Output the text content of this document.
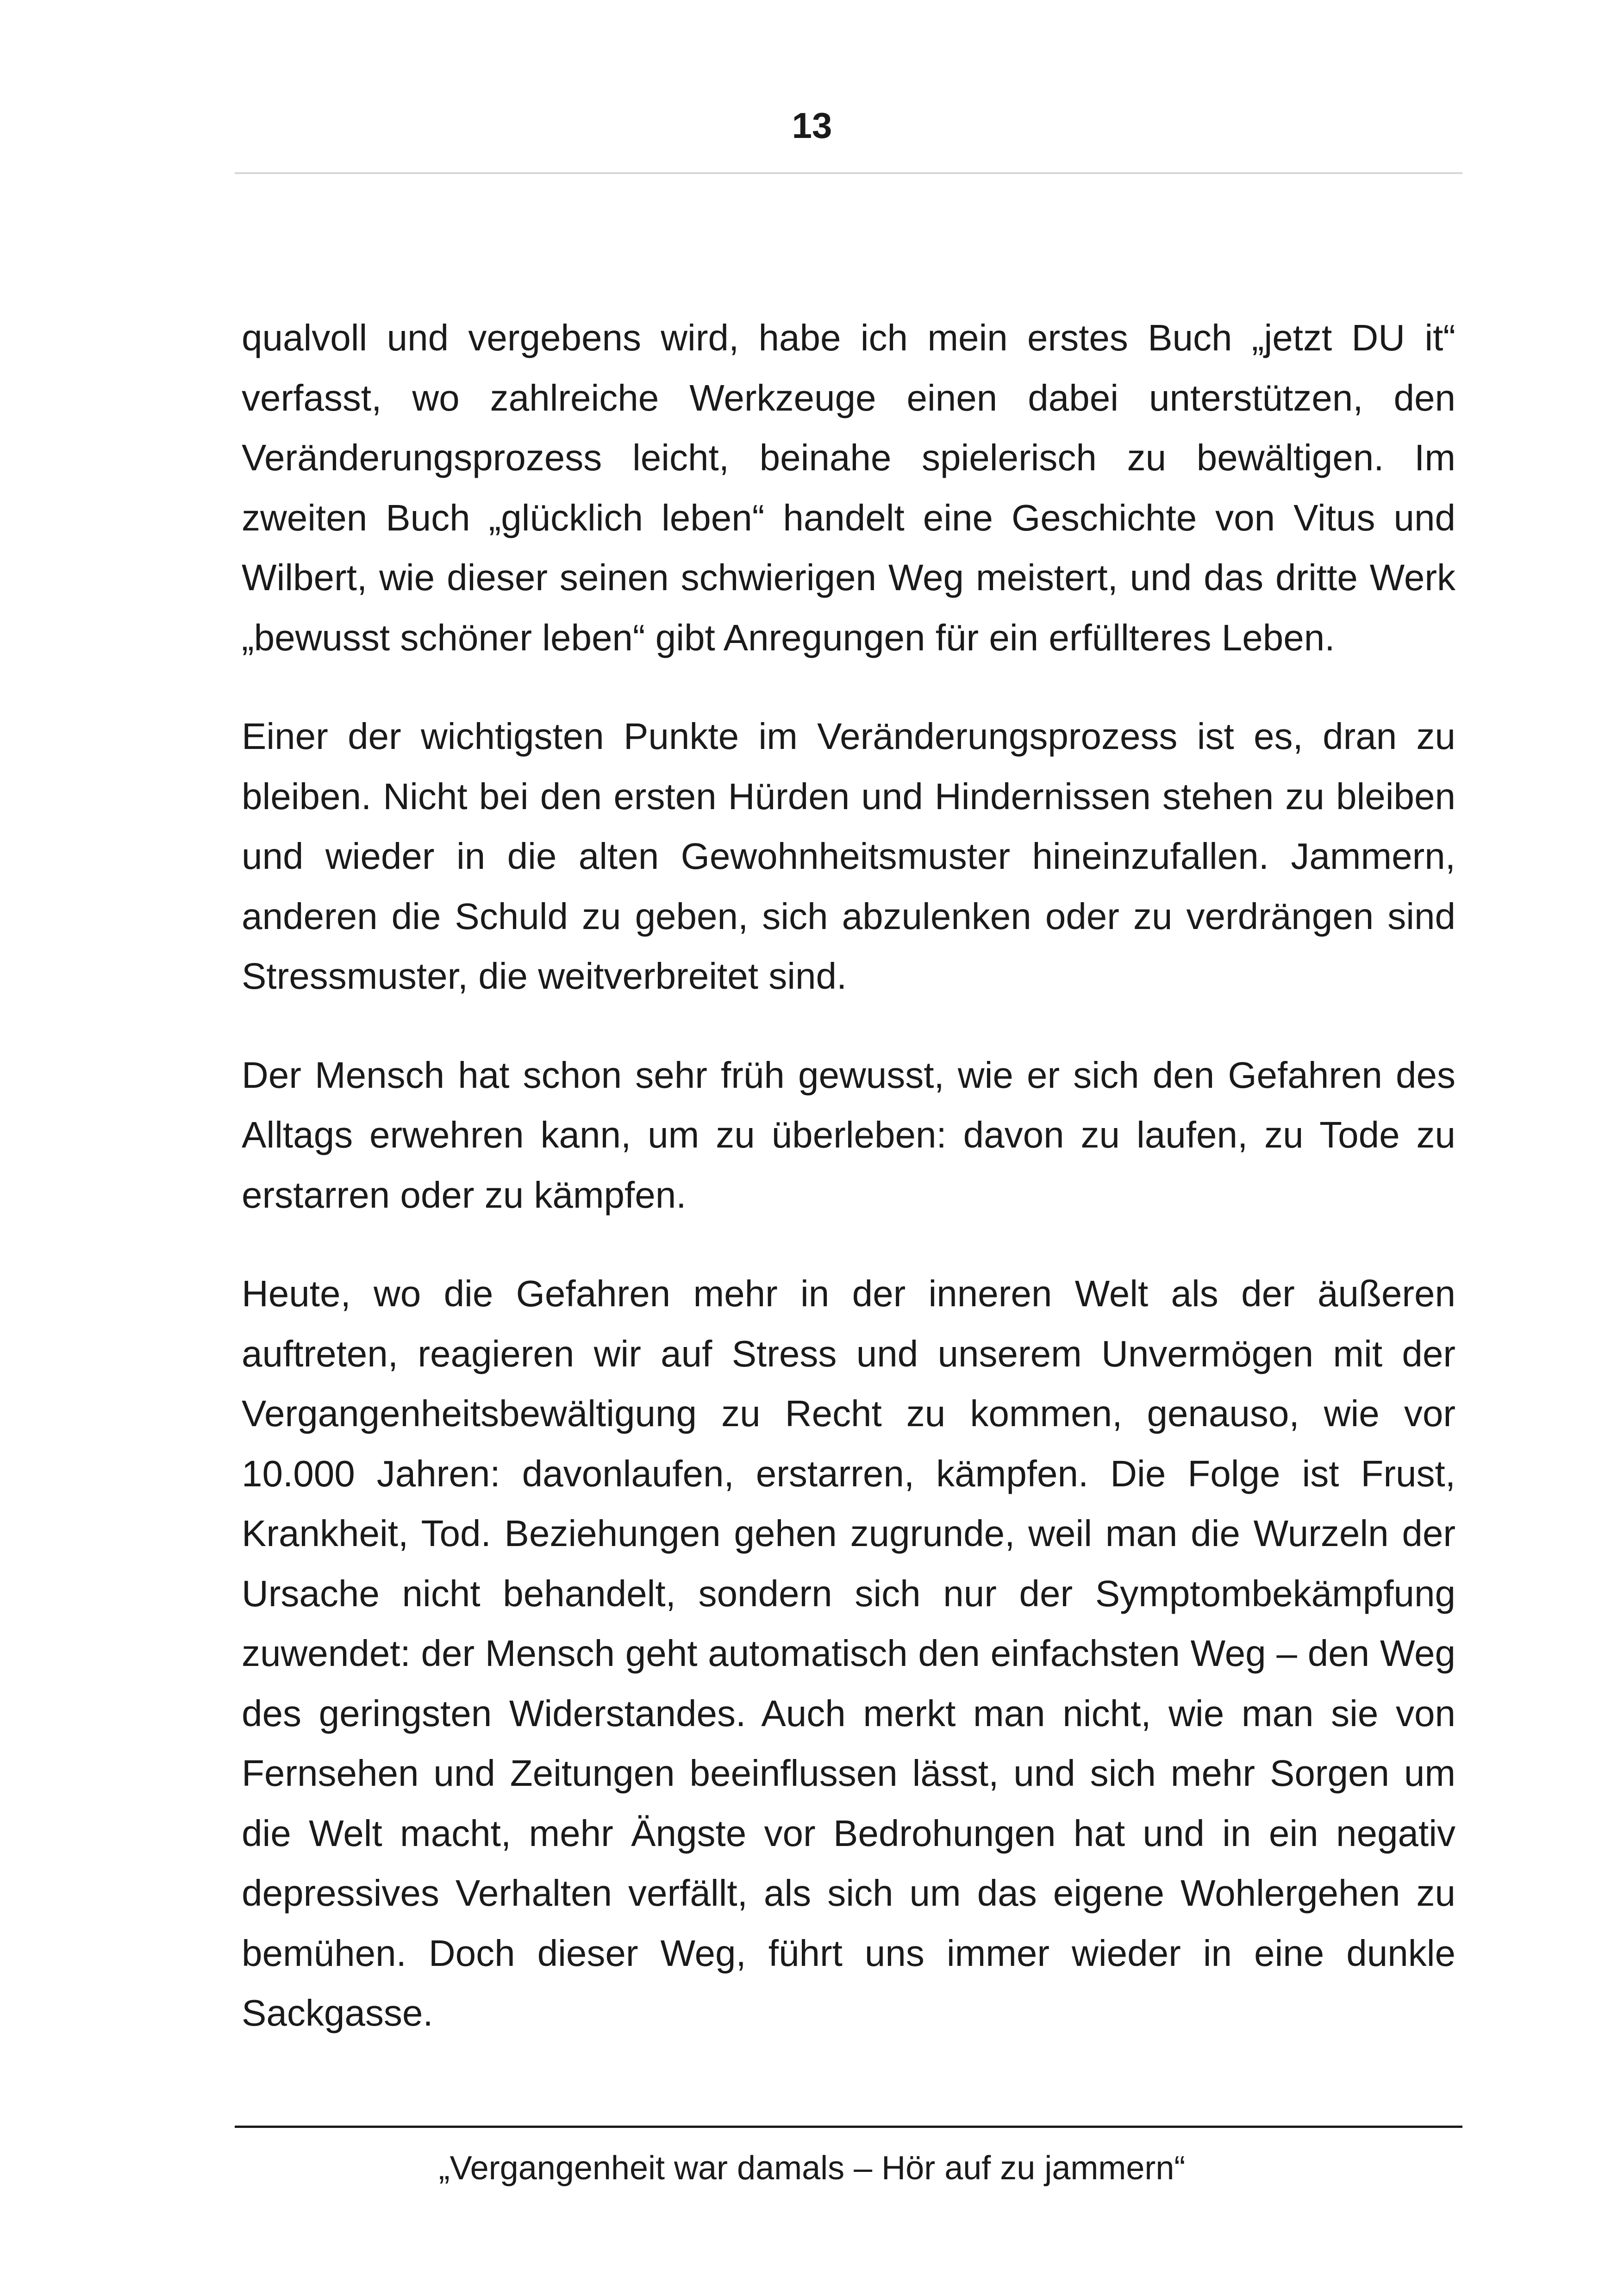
13

qualvoll und vergebens wird, habe ich mein erstes Buch „jetzt DU it“ verfasst, wo zahlreiche Werkzeuge einen dabei unterstützen, den Veränderungsprozess leicht, beinahe spielerisch zu bewältigen. Im zweiten Buch „glücklich leben“ handelt eine Geschichte von Vitus und Wilbert, wie dieser seinen schwierigen Weg meistert, und das dritte Werk „bewusst schöner leben“ gibt Anregungen für ein erfüllteres Leben.

Einer der wichtigsten Punkte im Veränderungsprozess ist es, dran zu bleiben. Nicht bei den ersten Hürden und Hindernissen stehen zu bleiben und wieder in die alten Gewohnheitsmuster hineinzufallen. Jammern, anderen die Schuld zu geben, sich abzulenken oder zu verdrängen sind Stressmuster, die weitverbreitet sind.

Der Mensch hat schon sehr früh gewusst, wie er sich den Gefahren des Alltags erwehren kann, um zu überleben: davon zu laufen, zu Tode zu erstarren oder zu kämpfen.

Heute, wo die Gefahren mehr in der inneren Welt als der äußeren auftreten, reagieren wir auf Stress und unserem Unvermögen mit der Vergangenheitsbewältigung zu Recht zu kommen, genauso, wie vor 10.000 Jahren: davonlaufen, erstarren, kämpfen. Die Folge ist Frust, Krankheit, Tod. Beziehungen gehen zugrunde, weil man die Wurzeln der Ursache nicht behandelt, sondern sich nur der Symptombekämpfung zuwendet: der Mensch geht automatisch den einfachsten Weg – den Weg des geringsten Widerstandes. Auch merkt man nicht, wie man sie von Fernsehen und Zeitungen beeinflussen lässt, und sich mehr Sorgen um die Welt macht, mehr Ängste vor Bedrohungen hat und in ein negativ depressives Verhalten verfällt, als sich um das eigene Wohlergehen zu bemühen. Doch dieser Weg, führt uns immer wieder in eine dunkle Sackgasse.

„Vergangenheit war damals – Hör auf zu jammern“
